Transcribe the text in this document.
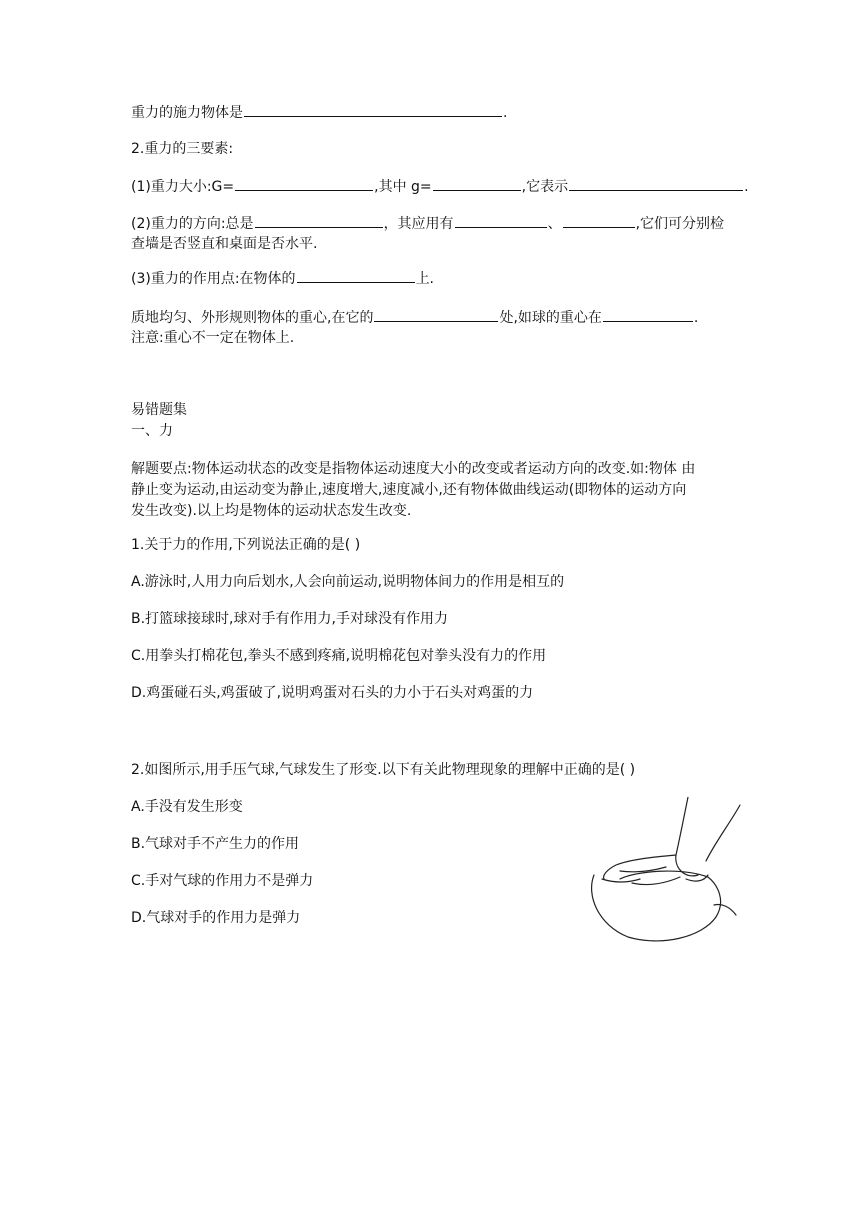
重力的施力物体是	.
2.重力的三要素:
(1)重力大小:G=	,其中 g=	,它表示	.
(2)重力的方向:总是	，其应用有	、	,它们可分别检
查墙是否竖直和桌面是否水平.
(3)重力的作用点:在物体的	上.
质地均匀、外形规则物体的重心,在它的	处,如球的重心在	.
注意:重心不一定在物体上.
易错题集
一、力
解题要点:物体运动状态的改变是指物体运动速度大小的改变或者运动方向的改变.如:物体 由
静止变为运动,由运动变为静止,速度增大,速度减小,还有物体做曲线运动(即物体的运动方向
发生改变).以上均是物体的运动状态发生改变.
1.关于力的作用,下列说法正确的是( )
A.游泳时,人用力向后划水,人会向前运动,说明物体间力的作用是相互的
B.打篮球接球时,球对手有作用力,手对球没有作用力
C.用拳头打棉花包,拳头不感到疼痛,说明棉花包对拳头没有力的作用
D.鸡蛋碰石头,鸡蛋破了,说明鸡蛋对石头的力小于石头对鸡蛋的力
2.如图所示,用手压气球,气球发生了形变.以下有关此物理现象的理解中正确的是( )
A.手没有发生形变
B.气球对手不产生力的作用
C.手对气球的作用力不是弹力
D.气球对手的作用力是弹力
